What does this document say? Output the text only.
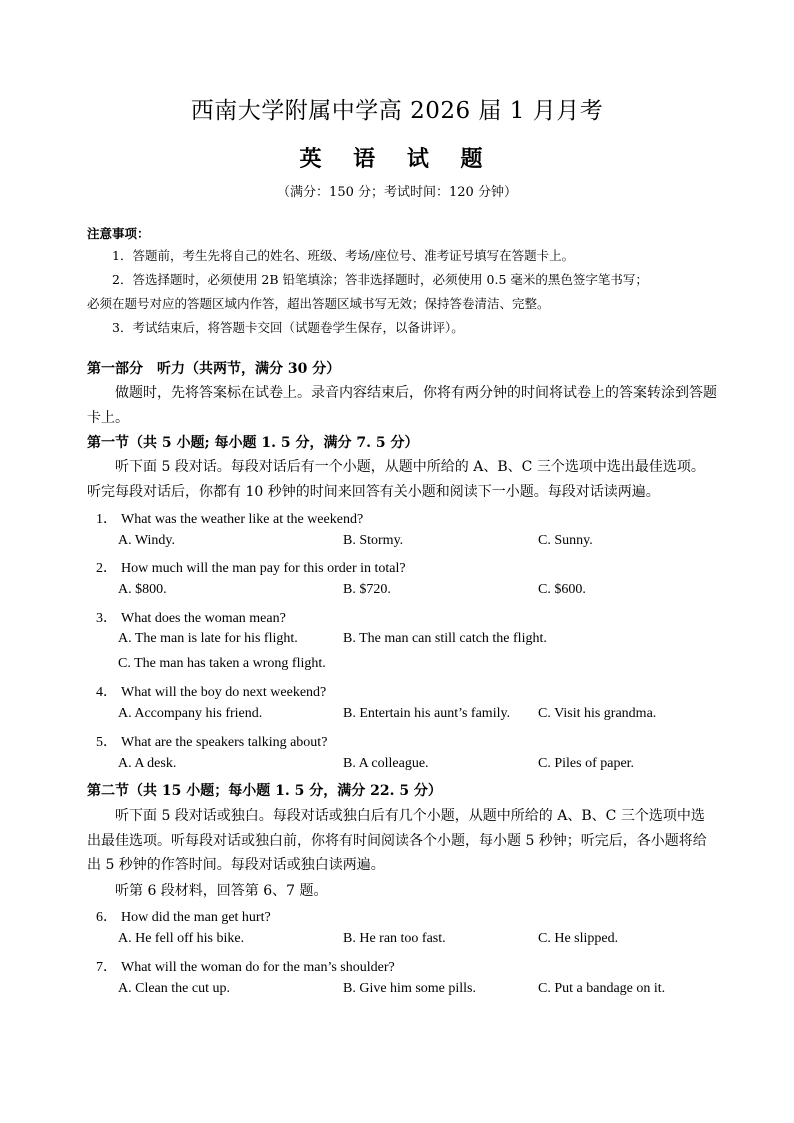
西南大学附属中学高 2026 届 1 月月考
英 语 试 题
（满分：150 分；考试时间：120 分钟）
注意事项：
1．答题前，考生先将自己的姓名、班级、考场/座位号、准考证号填写在答题卡上。
2．答选择题时，必须使用 2B 铅笔填涂；答非选择题时，必须使用 0.5 毫米的黑色签字笔书写；
必须在题号对应的答题区域内作答，超出答题区域书写无效；保持答卷清洁、完整。
3．考试结束后，将答题卡交回（试题卷学生保存，以备讲评）。
第一部分　听力（共两节，满分 30 分）
做题时，先将答案标在试卷上。录音内容结束后，你将有两分钟的时间将试卷上的答案转涂到答题卡上。
第一节（共 5 小题; 每小题 1. 5 分，满分 7. 5 分）
听下面 5 段对话。每段对话后有一个小题，从题中所给的 A、B、C 三个选项中选出最佳选项。听完每段对话后，你都有 10 秒钟的时间来回答有关小题和阅读下一小题。每段对话读两遍。
1． What was the weather like at the weekend?
A. Windy.	B. Stormy.	C. Sunny.
2． How much will the man pay for this order in total?
A. $800.	B. $720.	C. $600.
3． What does the woman mean?
A. The man is late for his flight.	B. The man can still catch the flight.
C. The man has taken a wrong flight.
4． What will the boy do next weekend?
A. Accompany his friend.	B. Entertain his aunt’s family. C. Visit his grandma.
5． What are the speakers talking about?
A. A desk.	B. A colleague.	C. Piles of paper.
第二节（共 15 小题；每小题 1. 5 分，满分 22. 5 分）
听下面 5 段对话或独白。每段对话或独白后有几个小题，从题中所给的 A、B、C 三个选项中选出最佳选项。听每段对话或独白前，你将有时间阅读各个小题，每小题 5 秒钟；听完后，各小题将给出 5 秒钟的作答时间。每段对话或独白读两遍。
听第 6 段材料，回答第 6、7 题。
6． How did the man get hurt?
A. He fell off his bike.	B. He ran too fast.	C. He slipped.
7． What will the woman do for the man’s shoulder?
A. Clean the cut up.	B. Give him some pills.	C. Put a bandage on it.
